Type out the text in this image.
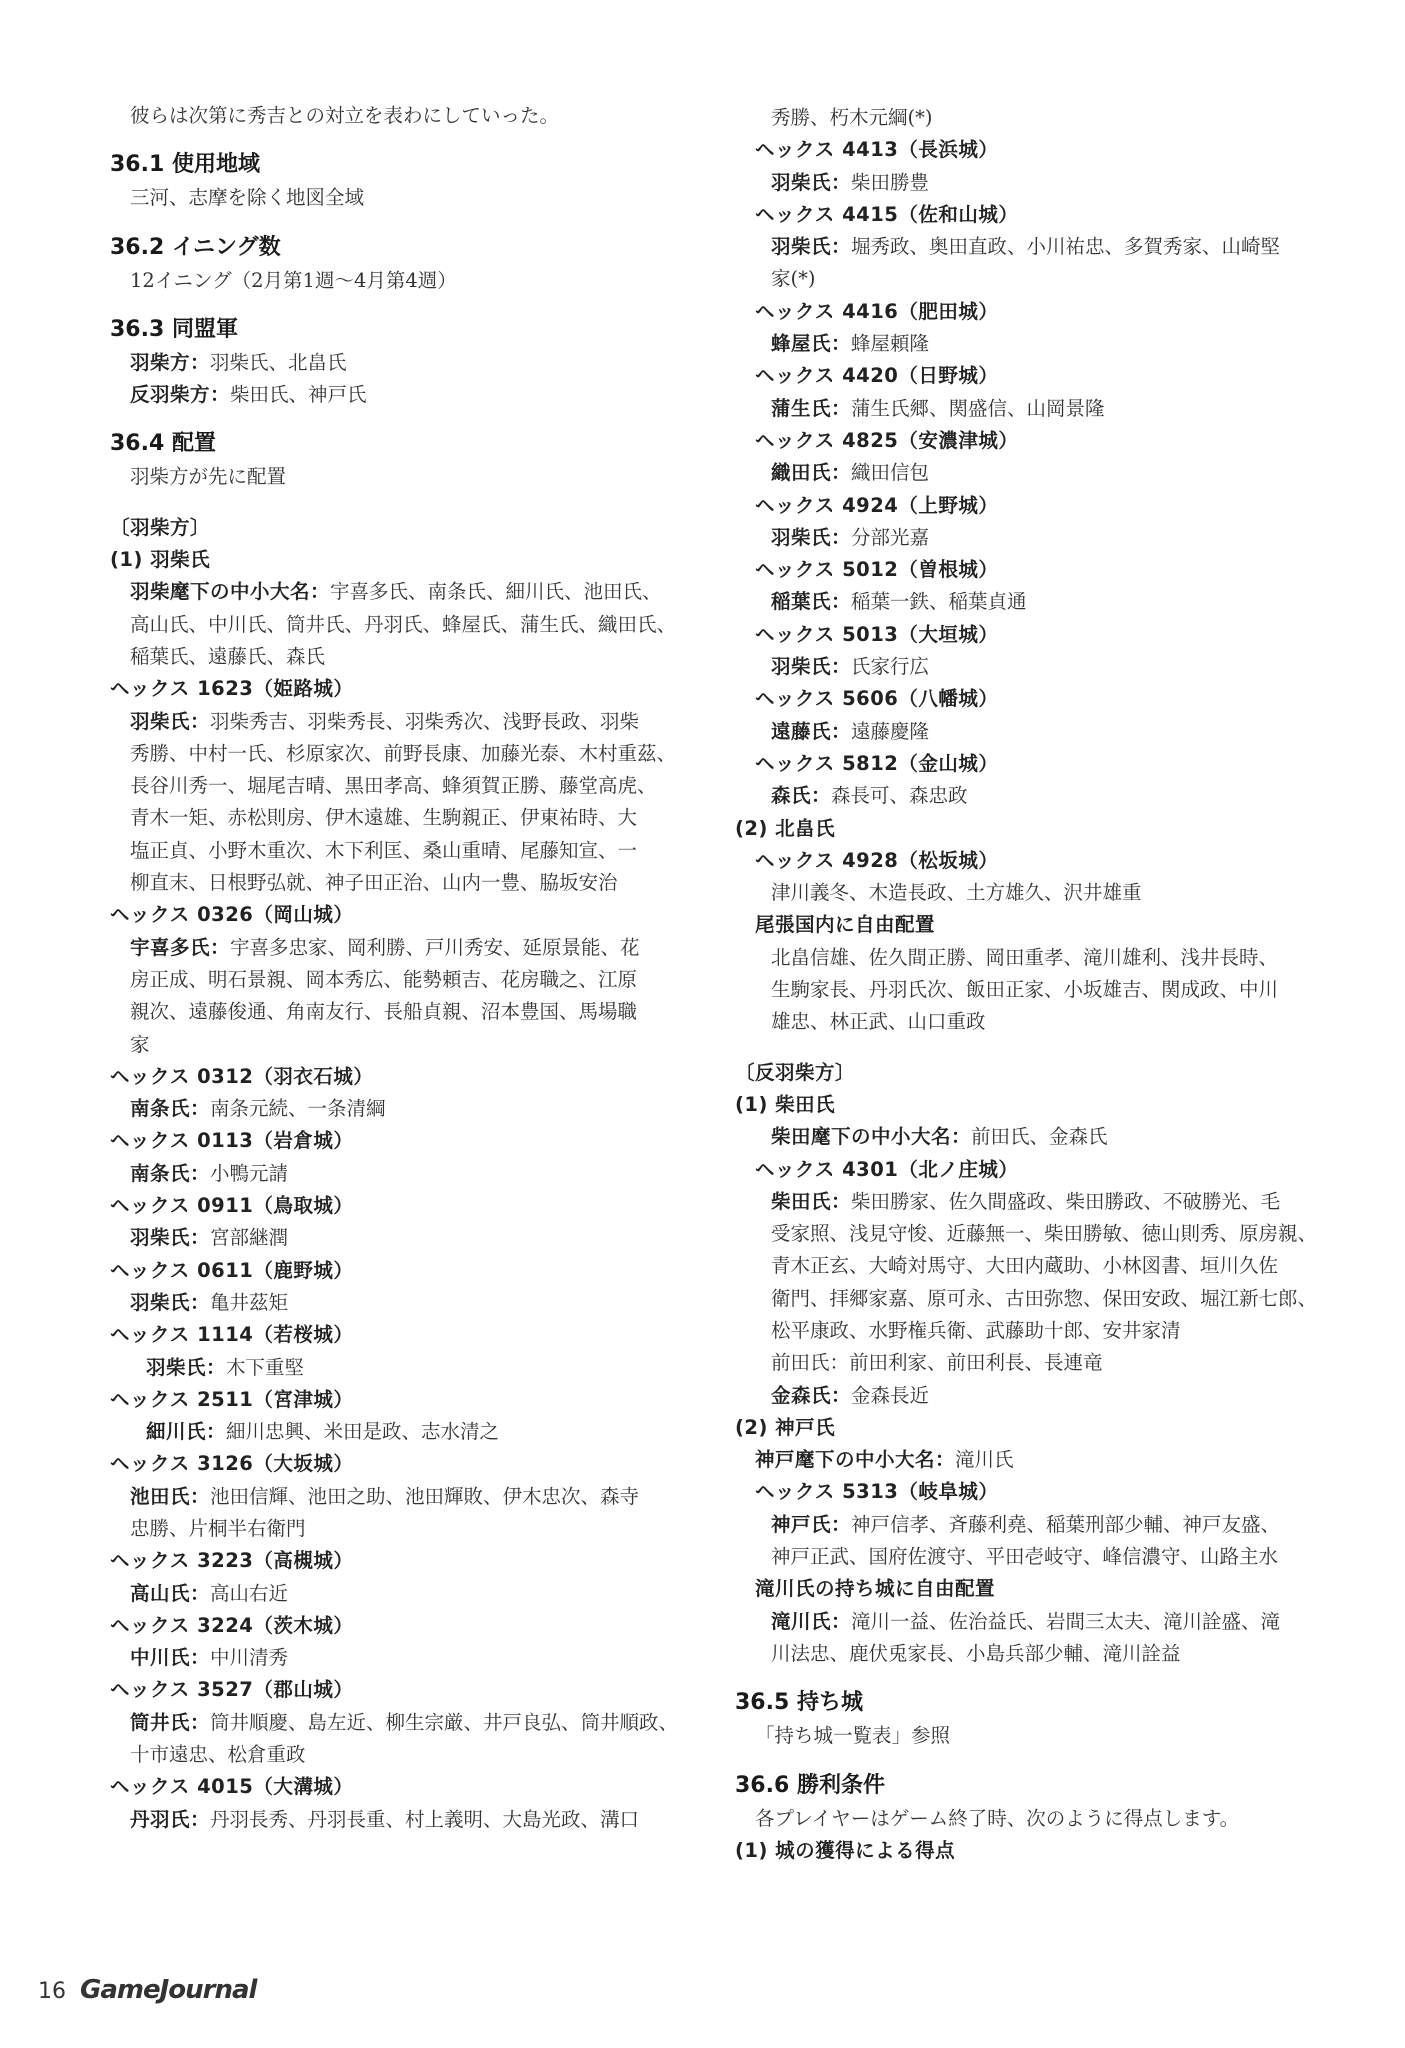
彼らは次第に秀吉との対立を表わにしていった。
36.1 使用地域
三河、志摩を除く地図全域
36.2 イニング数
12イニング（2月第1週～4月第4週）
36.3 同盟軍
羽柴方：羽柴氏、北畠氏
反羽柴方：柴田氏、神戸氏
36.4 配置
羽柴方が先に配置
〔羽柴方〕
(1) 羽柴氏
羽柴麾下の中小大名：宇喜多氏、南条氏、細川氏、池田氏、
高山氏、中川氏、筒井氏、丹羽氏、蜂屋氏、蒲生氏、織田氏、
稲葉氏、遠藤氏、森氏
ヘックス 1623（姫路城）
羽柴氏：羽柴秀吉、羽柴秀長、羽柴秀次、浅野長政、羽柴
秀勝、中村一氏、杉原家次、前野長康、加藤光泰、木村重茲、
長谷川秀一、堀尾吉晴、黒田孝高、蜂須賀正勝、藤堂高虎、
青木一矩、赤松則房、伊木遠雄、生駒親正、伊東祐時、大
塩正貞、小野木重次、木下利匡、桑山重晴、尾藤知宣、一
柳直末、日根野弘就、神子田正治、山内一豊、脇坂安治
ヘックス 0326（岡山城）
宇喜多氏：宇喜多忠家、岡利勝、戸川秀安、延原景能、花
房正成、明石景親、岡本秀広、能勢頼吉、花房職之、江原
親次、遠藤俊通、角南友行、長船貞親、沼本豊国、馬場職
家
ヘックス 0312（羽衣石城）
南条氏：南条元続、一条清綱
ヘックス 0113（岩倉城）
南条氏：小鴨元請
ヘックス 0911（鳥取城）
羽柴氏：宮部継潤
ヘックス 0611（鹿野城）
羽柴氏：亀井茲矩
ヘックス 1114（若桜城）
羽柴氏：木下重堅
ヘックス 2511（宮津城）
細川氏：細川忠興、米田是政、志水清之
ヘックス 3126（大坂城）
池田氏：池田信輝、池田之助、池田輝敗、伊木忠次、森寺
忠勝、片桐半右衛門
ヘックス 3223（高槻城）
高山氏：高山右近
ヘックス 3224（茨木城）
中川氏：中川清秀
ヘックス 3527（郡山城）
筒井氏：筒井順慶、島左近、柳生宗厳、井戸良弘、筒井順政、
十市遠忠、松倉重政
ヘックス 4015（大溝城）
丹羽氏：丹羽長秀、丹羽長重、村上義明、大島光政、溝口
秀勝、朽木元綱(*)
ヘックス 4413（長浜城）
羽柴氏：柴田勝豊
ヘックス 4415（佐和山城）
羽柴氏：堀秀政、奥田直政、小川祐忠、多賀秀家、山崎堅
家(*)
ヘックス 4416（肥田城）
蜂屋氏：蜂屋頼隆
ヘックス 4420（日野城）
蒲生氏：蒲生氏郷、関盛信、山岡景隆
ヘックス 4825（安濃津城）
織田氏：織田信包
ヘックス 4924（上野城）
羽柴氏：分部光嘉
ヘックス 5012（曽根城）
稲葉氏：稲葉一鉄、稲葉貞通
ヘックス 5013（大垣城）
羽柴氏：氏家行広
ヘックス 5606（八幡城）
遠藤氏：遠藤慶隆
ヘックス 5812（金山城）
森氏：森長可、森忠政
(2) 北畠氏
ヘックス 4928（松坂城）
津川義冬、木造長政、土方雄久、沢井雄重
尾張国内に自由配置
北畠信雄、佐久間正勝、岡田重孝、滝川雄利、浅井長時、
生駒家長、丹羽氏次、飯田正家、小坂雄吉、関成政、中川
雄忠、林正武、山口重政
〔反羽柴方〕
(1) 柴田氏
柴田麾下の中小大名：前田氏、金森氏
ヘックス 4301（北ノ庄城）
柴田氏：柴田勝家、佐久間盛政、柴田勝政、不破勝光、毛
受家照、浅見守悛、近藤無一、柴田勝敏、徳山則秀、原房親、
青木正玄、大崎対馬守、大田内蔵助、小林図書、垣川久佐
衛門、拝郷家嘉、原可永、古田弥惣、保田安政、堀江新七郎、
松平康政、水野権兵衛、武藤助十郎、安井家清
前田氏：前田利家、前田利長、長連竜
金森氏：金森長近
(2) 神戸氏
神戸麾下の中小大名：滝川氏
ヘックス 5313（岐阜城）
神戸氏：神戸信孝、斉藤利堯、稲葉刑部少輔、神戸友盛、
神戸正武、国府佐渡守、平田壱岐守、峰信濃守、山路主水
滝川氏の持ち城に自由配置
滝川氏：滝川一益、佐治益氏、岩間三太夫、滝川詮盛、滝
川法忠、鹿伏兎家長、小島兵部少輔、滝川詮益
36.5 持ち城
「持ち城一覧表」参照
36.6 勝利条件
各プレイヤーはゲーム終了時、次のように得点します。
(1) 城の獲得による得点
16 GameJournal
